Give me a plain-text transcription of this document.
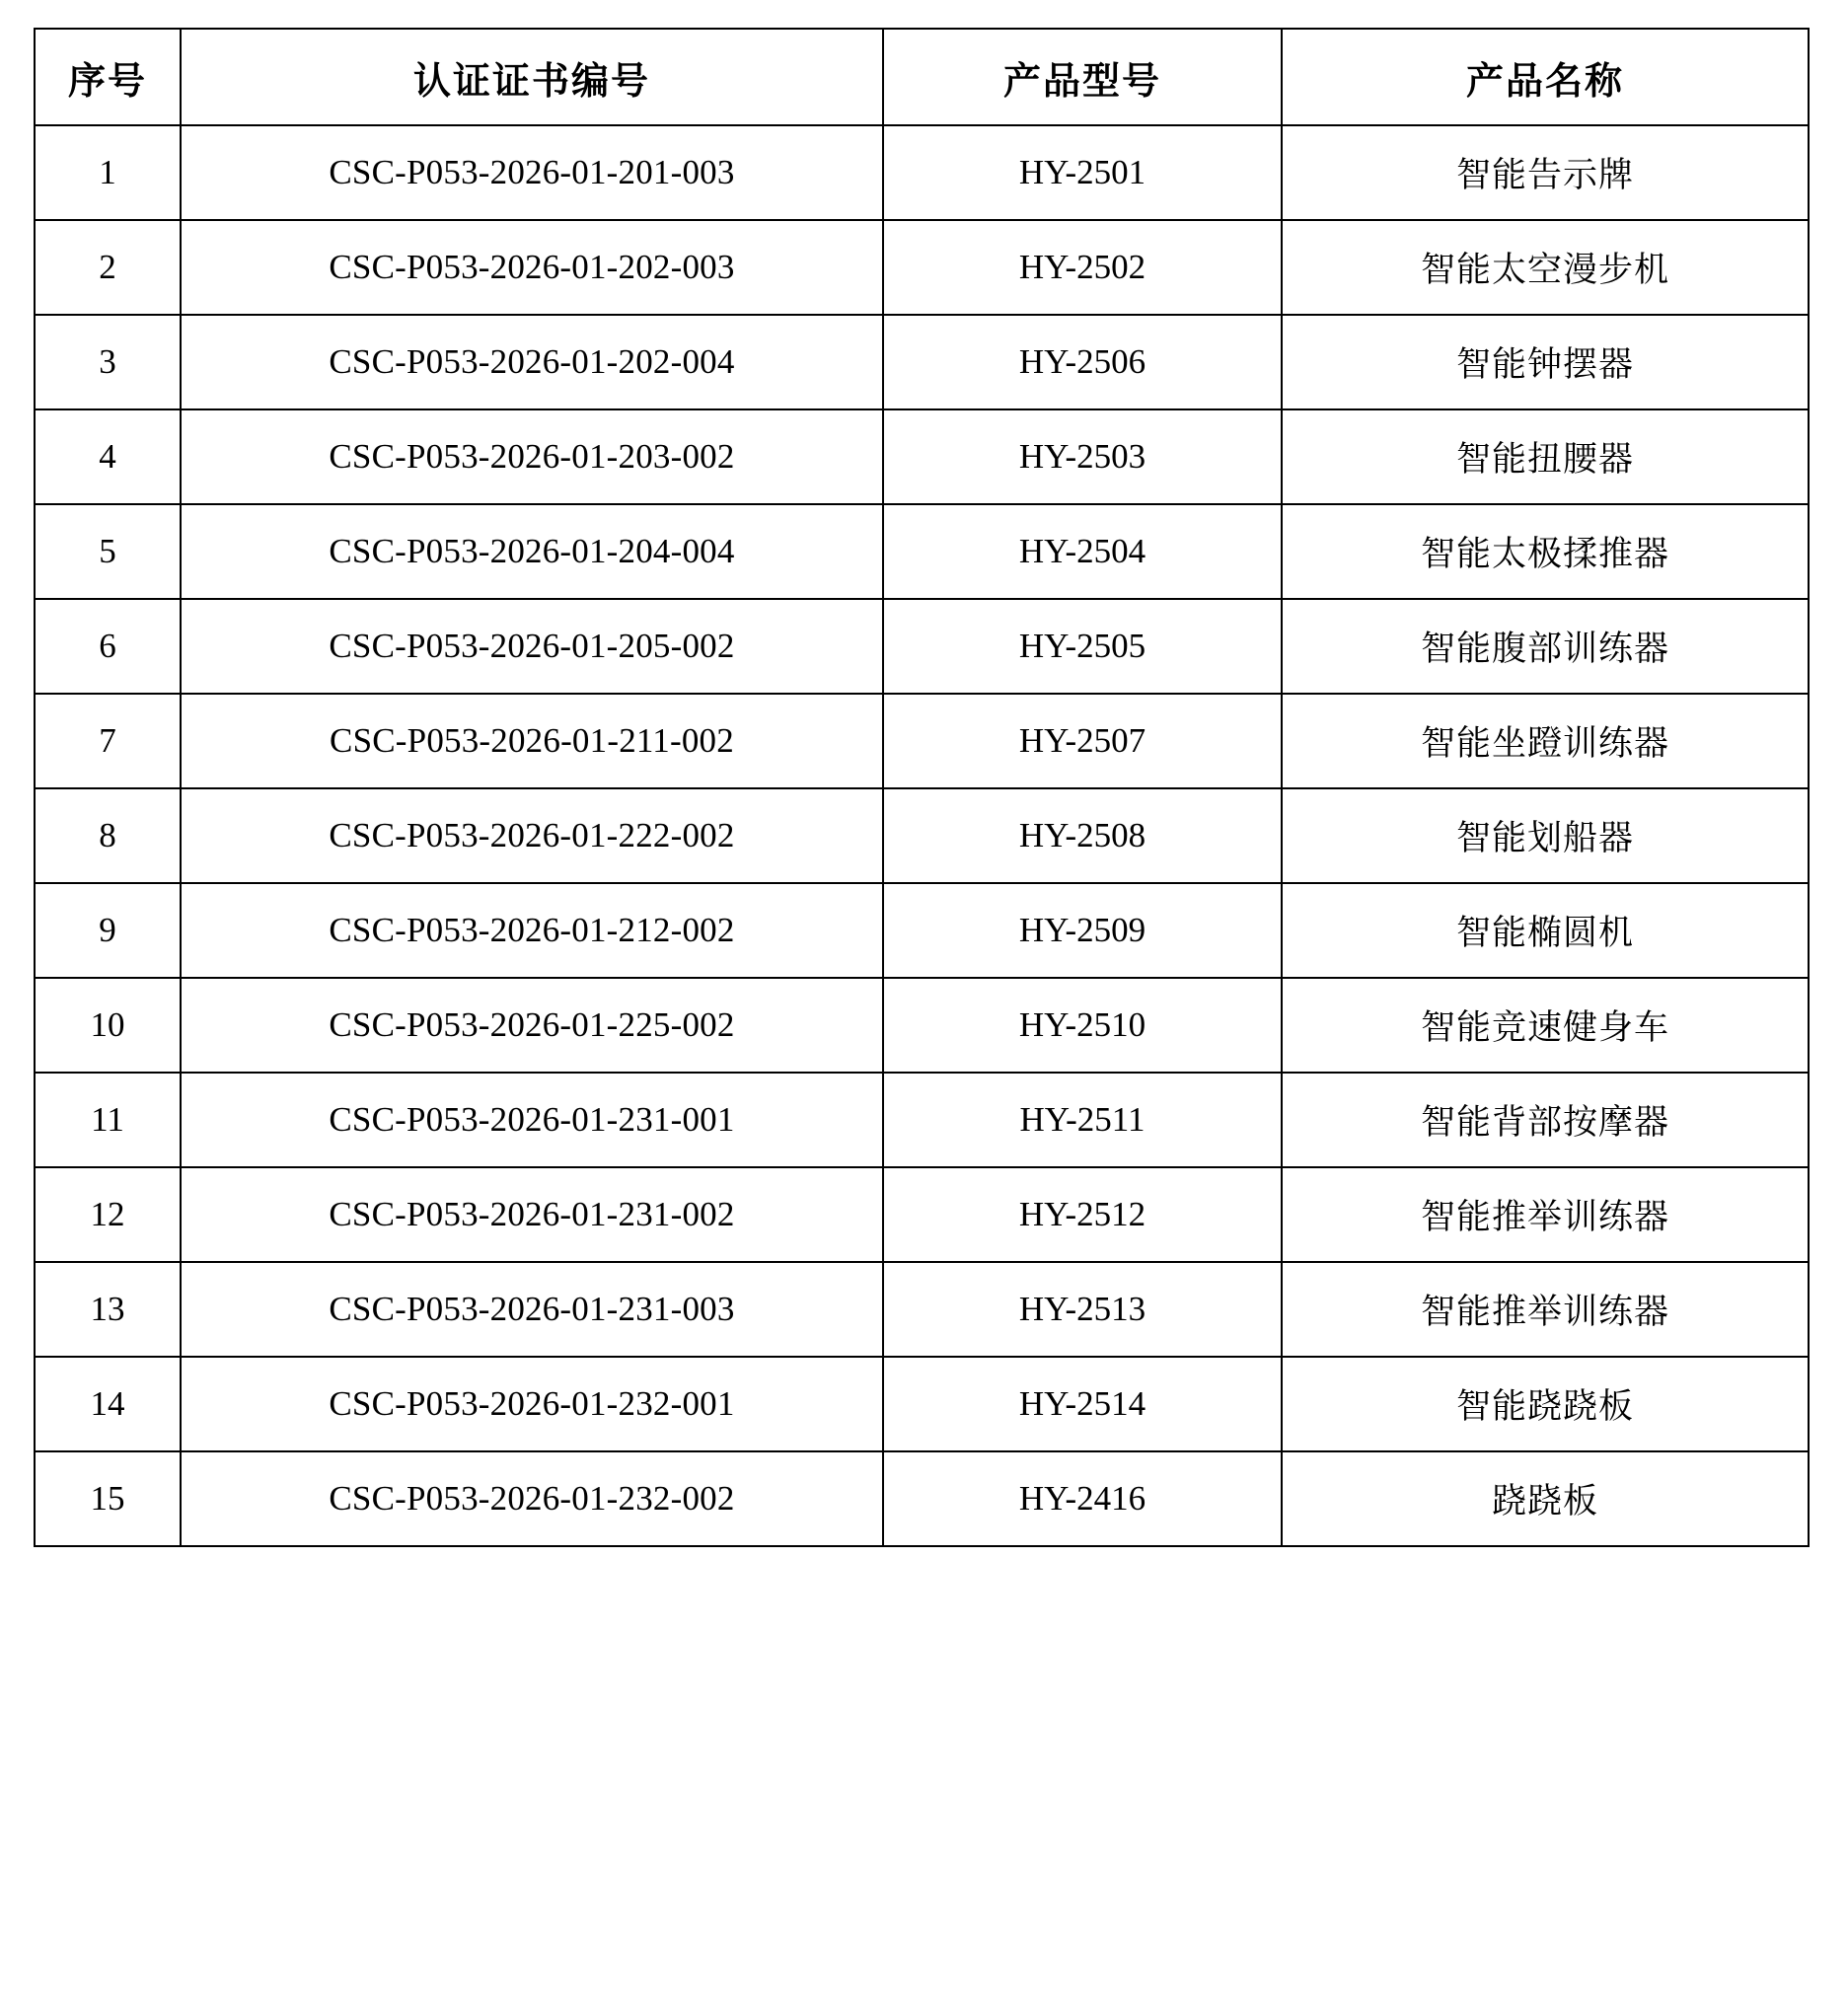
序号	认证证书编号	产品型号	产品名称
1	CSC-P053-2026-01-201-003	HY-2501	智能告示牌
2	CSC-P053-2026-01-202-003	HY-2502	智能太空漫步机
3	CSC-P053-2026-01-202-004	HY-2506	智能钟摆器
4	CSC-P053-2026-01-203-002	HY-2503	智能扭腰器
5	CSC-P053-2026-01-204-004	HY-2504	智能太极揉推器
6	CSC-P053-2026-01-205-002	HY-2505	智能腹部训练器
7	CSC-P053-2026-01-211-002	HY-2507	智能坐蹬训练器
8	CSC-P053-2026-01-222-002	HY-2508	智能划船器
9	CSC-P053-2026-01-212-002	HY-2509	智能椭圆机
10	CSC-P053-2026-01-225-002	HY-2510	智能竞速健身车
11	CSC-P053-2026-01-231-001	HY-2511	智能背部按摩器
12	CSC-P053-2026-01-231-002	HY-2512	智能推举训练器
13	CSC-P053-2026-01-231-003	HY-2513	智能推举训练器
14	CSC-P053-2026-01-232-001	HY-2514	智能跷跷板
15	CSC-P053-2026-01-232-002	HY-2416	跷跷板
